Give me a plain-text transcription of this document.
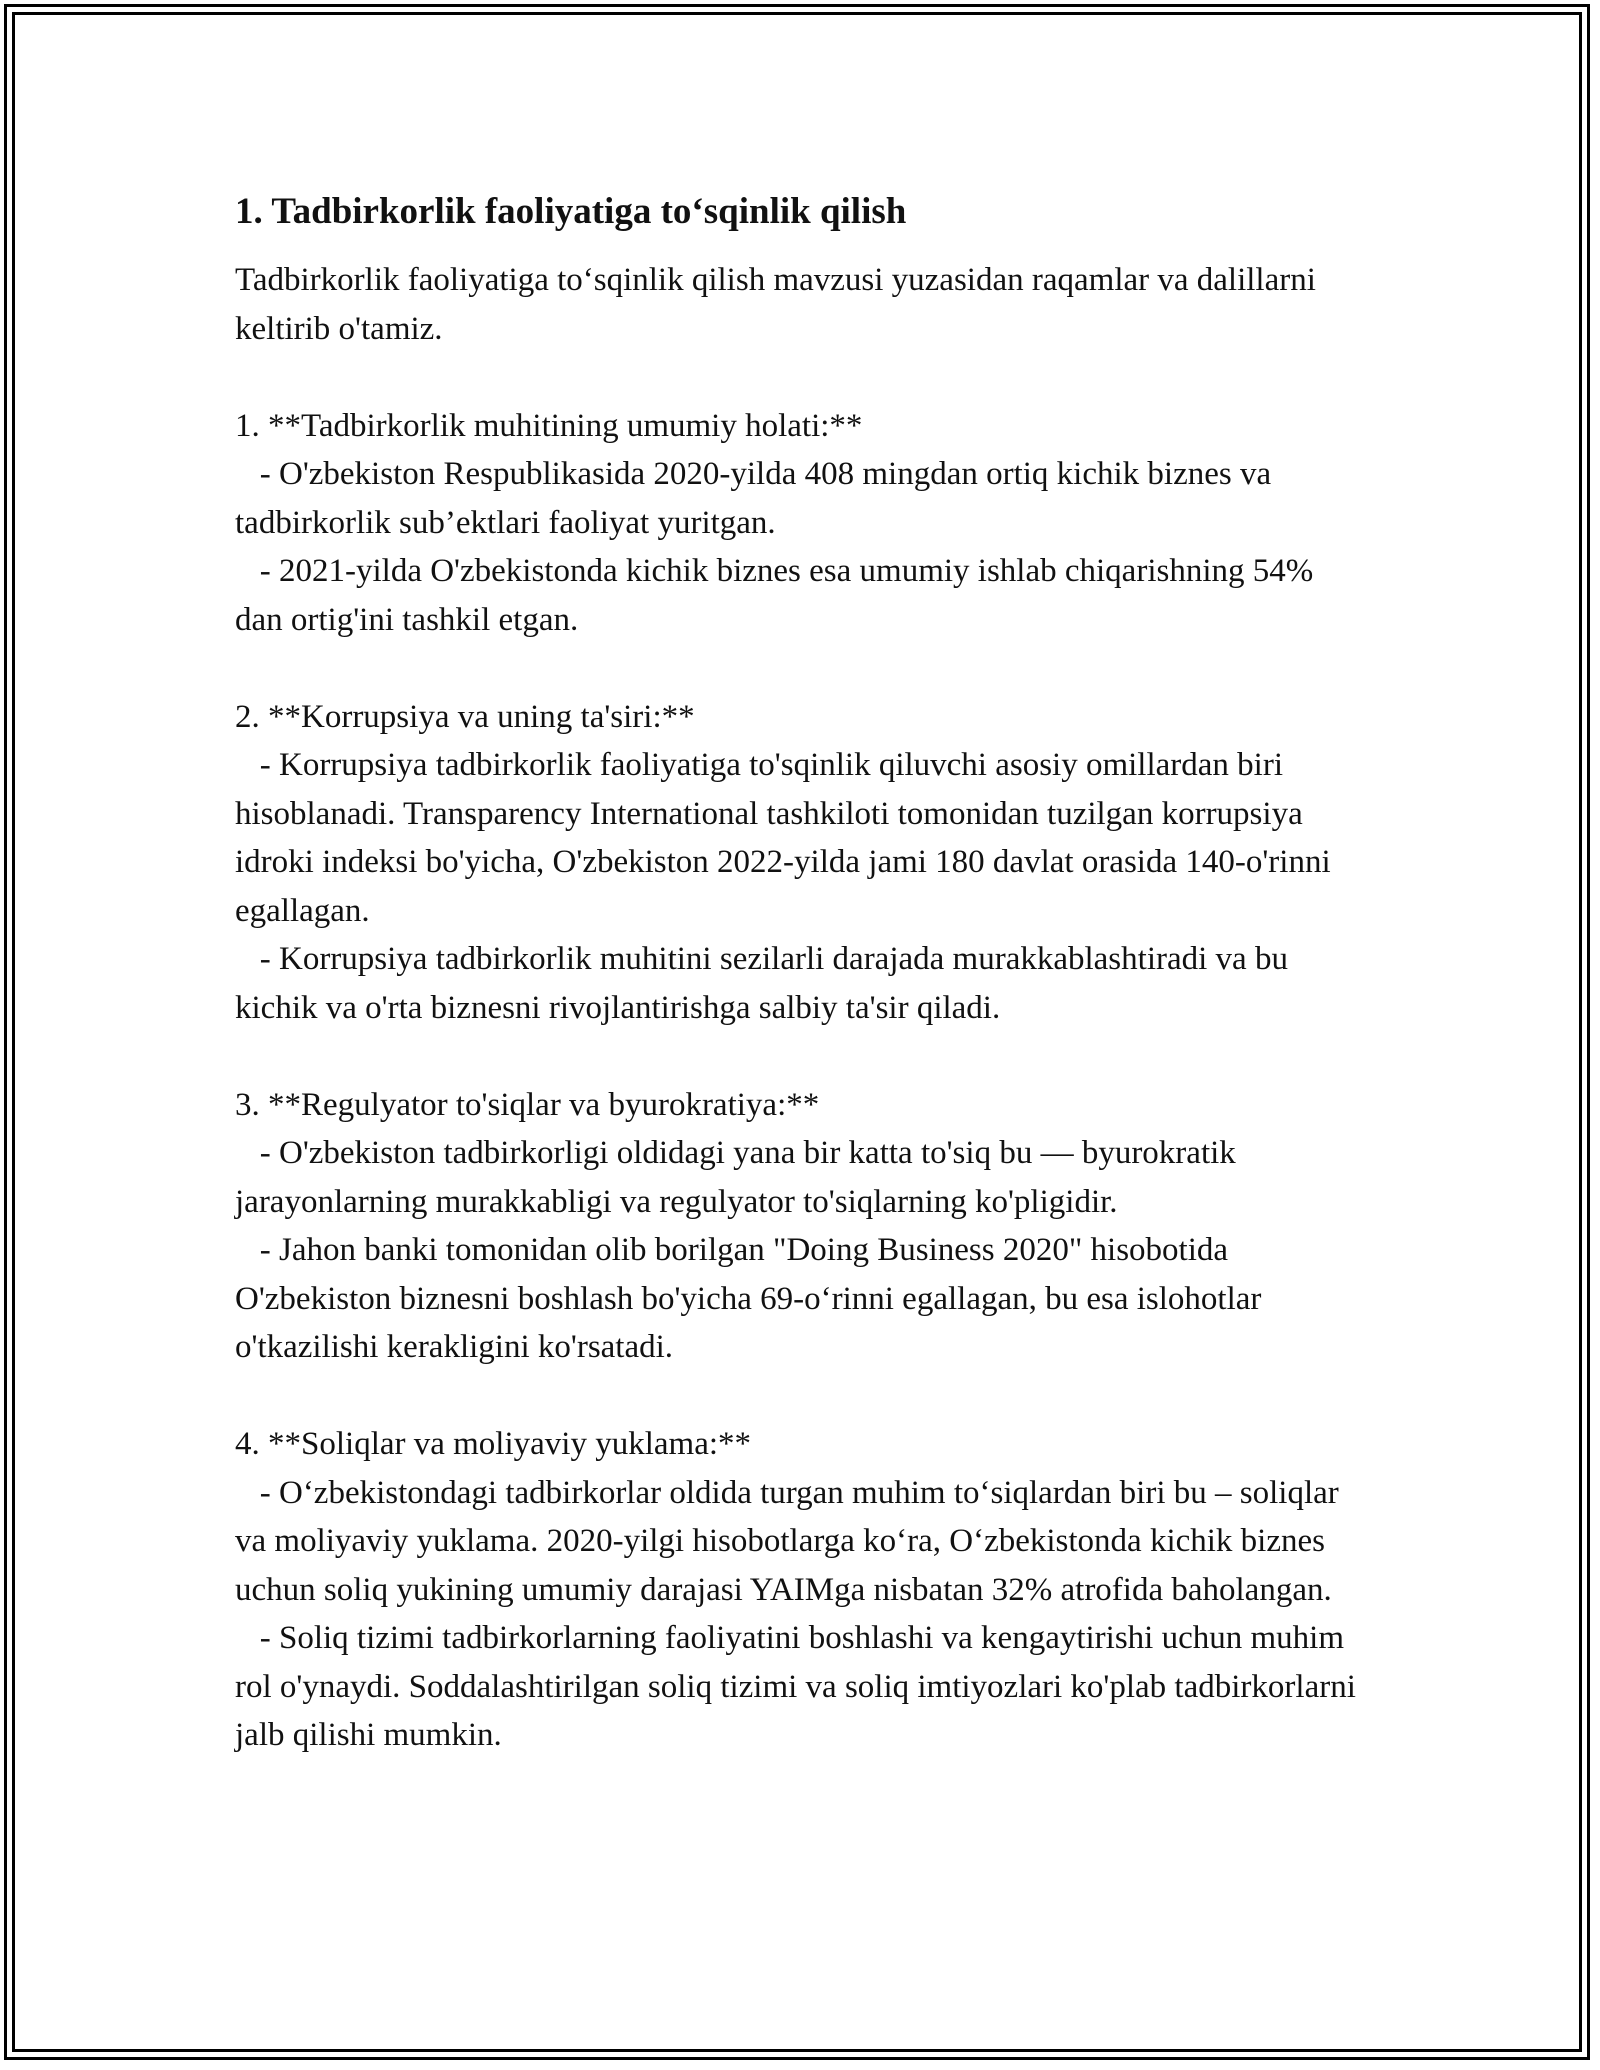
1. Tadbirkorlik faoliyatiga to‘sqinlik qilish

Tadbirkorlik faoliyatiga to‘sqinlik qilish mavzusi yuzasidan raqamlar va dalillarni keltirib o'tamiz.

1. **Tadbirkorlik muhitining umumiy holati:**

- O'zbekiston Respublikasida 2020-yilda 408 mingdan ortiq kichik biznes va tadbirkorlik sub’ektlari faoliyat yuritgan.

- 2021-yilda O'zbekistonda kichik biznes esa umumiy ishlab chiqarishning 54% dan ortig'ini tashkil etgan.

2. **Korrupsiya va uning ta'siri:**

- Korrupsiya tadbirkorlik faoliyatiga to'sqinlik qiluvchi asosiy omillardan biri hisoblanadi. Transparency International tashkiloti tomonidan tuzilgan korrupsiya idroki indeksi bo'yicha, O'zbekiston 2022-yilda jami 180 davlat orasida 140-o'rinni egallagan.

- Korrupsiya tadbirkorlik muhitini sezilarli darajada murakkablashtiradi va bu kichik va o'rta biznesni rivojlantirishga salbiy ta'sir qiladi.

3. **Regulyator to'siqlar va byurokratiya:**

- O'zbekiston tadbirkorligi oldidagi yana bir katta to'siq bu — byurokratik jarayonlarning murakkabligi va regulyator to'siqlarning ko'pligidir.

- Jahon banki tomonidan olib borilgan "Doing Business 2020" hisobotida O'zbekiston biznesni boshlash bo'yicha 69-o‘rinni egallagan, bu esa islohotlar o'tkazilishi kerakligini ko'rsatadi.

4. **Soliqlar va moliyaviy yuklama:**

- O‘zbekistondagi tadbirkorlar oldida turgan muhim to‘siqlardan biri bu – soliqlar va moliyaviy yuklama. 2020-yilgi hisobotlarga ko‘ra, O‘zbekistonda kichik biznes uchun soliq yukining umumiy darajasi YAIMga nisbatan 32% atrofida baholangan.

- Soliq tizimi tadbirkorlarning faoliyatini boshlashi va kengaytirishi uchun muhim rol o'ynaydi. Soddalashtirilgan soliq tizimi va soliq imtiyozlari ko'plab tadbirkorlarni jalb qilishi mumkin.
